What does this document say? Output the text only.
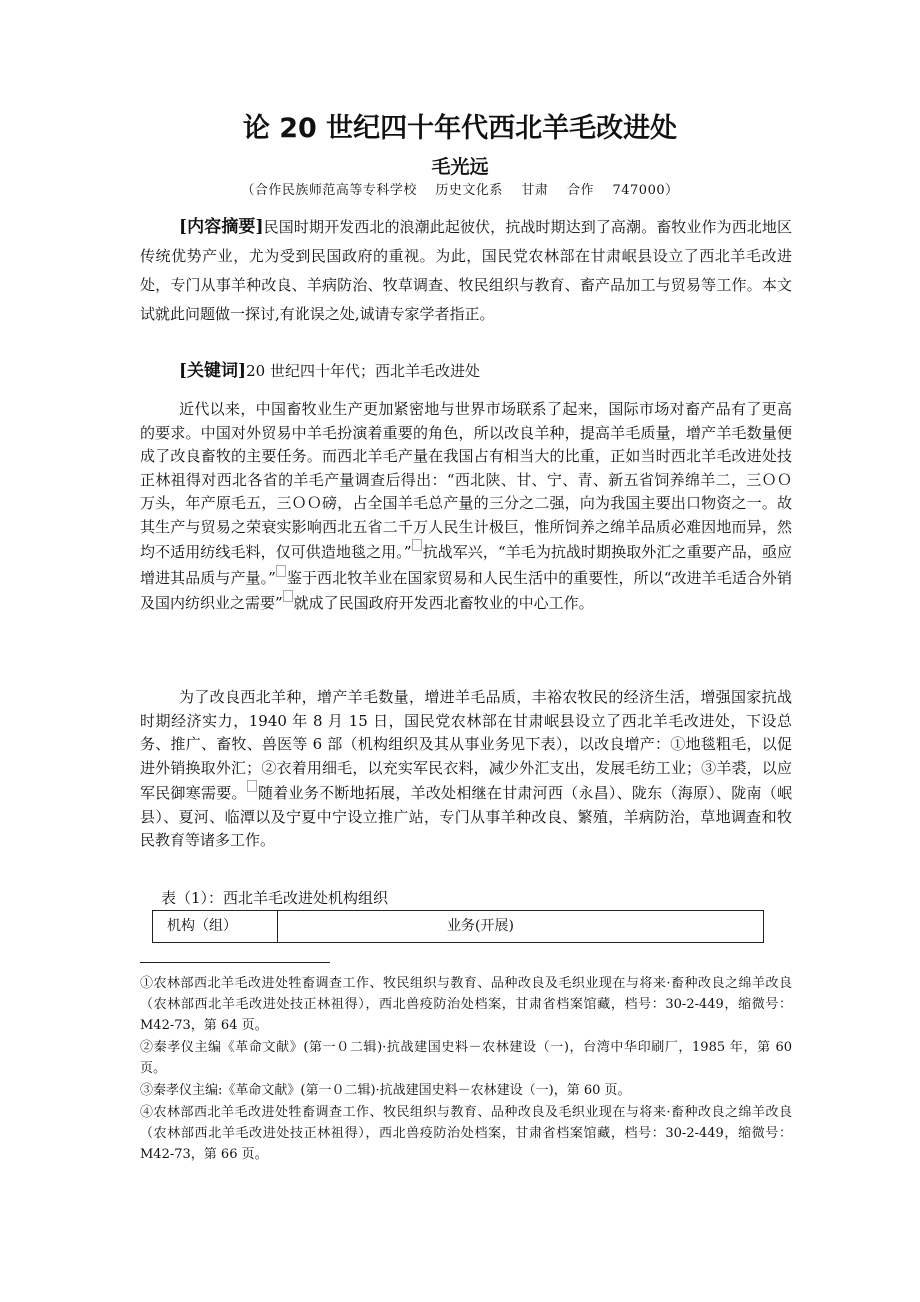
论 20 世纪四十年代西北羊毛改进处
毛光远
（合作民族师范高等专科学校    历史文化系    甘肃    合作    747000）
[内容摘要]民国时期开发西北的浪潮此起彼伏，抗战时期达到了高潮。畜牧业作为西北地区传统优势产业，尤为受到民国政府的重视。为此，国民党农林部在甘肃岷县设立了西北羊毛改进处，专门从事羊种改良、羊病防治、牧草调查、牧民组织与教育、畜产品加工与贸易等工作。本文试就此问题做一探讨,有讹误之处,诚请专家学者指正。
[关键词]20 世纪四十年代；西北羊毛改进处
近代以来，中国畜牧业生产更加紧密地与世界市场联系了起来，国际市场对畜产品有了更高的要求。中国对外贸易中羊毛扮演着重要的角色，所以改良羊种，提高羊毛质量，增产羊毛数量便成了改良畜牧的主要任务。而西北羊毛产量在我国占有相当大的比重，正如当时西北羊毛改进处技正林祖得对西北各省的羊毛产量调查后得出：“西北陕、甘、宁、青、新五省饲养绵羊二，三ＯＯ万头，年产原毛五，三ＯＯ磅，占全国羊毛总产量的三分之二强，向为我国主要出口物资之一。故其生产与贸易之荣衰实影响西北五省二千万人民生计极巨，惟所饲养之绵羊品质必难因地而异，然均不适用纺线毛料，仅可供造地毯之用。” 抗战军兴，“羊毛为抗战时期换取外汇之重要产品，亟应增进其品质与产量。” 鉴于西北牧羊业在国家贸易和人民生活中的重要性，所以“改进羊毛适合外销及国内纺织业之需要” 就成了民国政府开发西北畜牧业的中心工作。
为了改良西北羊种，增产羊毛数量，增进羊毛品质，丰裕农牧民的经济生活，增强国家抗战时期经济实力，1940 年 8 月 15 日，国民党农林部在甘肃岷县设立了西北羊毛改进处，下设总务、推广、畜牧、兽医等 6 部（机构组织及其从事业务见下表），以改良增产：①地毯粗毛，以促进外销换取外汇；②衣着用细毛，以充实军民衣料，减少外汇支出，发展毛纺工业；③羊裘，以应军民御寒需要。 随着业务不断地拓展，羊改处相继在甘肃河西（永昌）、陇东（海原）、陇南（岷县）、夏河、临潭以及宁夏中宁设立推广站，专门从事羊种改良、繁殖，羊病防治，草地调查和牧民教育等诸多工作。
表（1）：西北羊毛改进处机构组织
机构（组）	业务(开展)

①农林部西北羊毛改进处牲畜调查工作、牧民组织与教育、品种改良及毛织业现在与将来·畜种改良之绵羊改良（农林部西北羊毛改进处技正林祖得），西北兽疫防治处档案，甘肃省档案馆藏，档号：30-2-449，缩微号：M42-73，第 64 页。

②秦孝仪主编《革命文献》(第一０二辑)·抗战建国史料－农林建设（一)，台湾中华印刷厂，1985 年，第 60 页。

③秦孝仪主编:《革命文献》(第一０二辑)·抗战建国史料－农林建设（一)，第 60 页。

④农林部西北羊毛改进处牲畜调查工作、牧民组织与教育、品种改良及毛织业现在与将来·畜种改良之绵羊改良（农林部西北羊毛改进处技正林祖得），西北兽疫防治处档案，甘肃省档案馆藏，档号：30-2-449，缩微号：M42-73，第 66 页。
